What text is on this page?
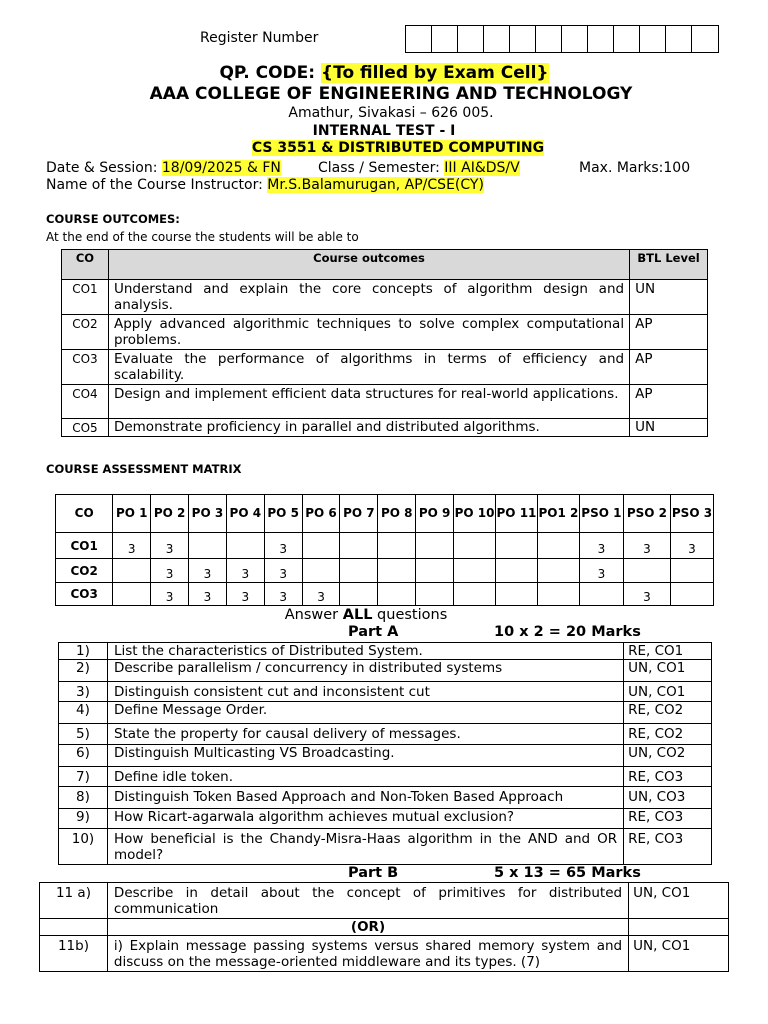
Register Number
QP. CODE: {To filled by Exam Cell}
AAA COLLEGE OF ENGINEERING AND TECHNOLOGY
Amathur, Sivakasi – 626 005.
INTERNAL TEST - I
CS 3551 & DISTRIBUTED COMPUTING
Date & Session: 18/09/2025 & FN	Class / Semester: III AI&DS/V	Max. Marks:100
Name of the Course Instructor: Mr.S.Balamurugan, AP/CSE(CY)
COURSE OUTCOMES:
At the end of the course the students will be able to
CO	Course outcomes	BTL Level
CO1	Understand and explain the core concepts of algorithm design and analysis.	UN
CO2	Apply advanced algorithmic techniques to solve complex computational problems.	AP
CO3	Evaluate the performance of algorithms in terms of efficiency and scalability.	AP
CO4	Design and implement efficient data structures for real-world applications.	AP
CO5	Demonstrate proficiency in parallel and distributed algorithms.	UN
COURSE ASSESSMENT MATRIX
CO	PO 1	PO 2	PO 3	PO 4	PO 5	PO 6	PO 7	PO 8	PO 9	PO 10	PO 11	PO1 2	PSO 1	PSO 2	PSO 3
CO1	3	3			3								3	3	3
CO2		3	3	3	3								3		
CO3		3	3	3	3	3								3	
Answer ALL questions
Part A	10 x 2 = 20 Marks
1)	List the characteristics of Distributed System.	RE, CO1
2)	Describe parallelism / concurrency in distributed systems	UN, CO1
3)	Distinguish consistent cut and inconsistent cut	UN, CO1
4)	Define Message Order.	RE, CO2
5)	State the property for causal delivery of messages.	RE, CO2
6)	Distinguish Multicasting VS Broadcasting.	UN, CO2
7)	Define idle token.	RE, CO3
8)	Distinguish Token Based Approach and Non-Token Based Approach	UN, CO3
9)	How Ricart-agarwala algorithm achieves mutual exclusion?	RE, CO3
10)	How beneficial is the Chandy-Misra-Haas algorithm in the AND and OR model?	RE, CO3
Part B	5 x 13 = 65 Marks
11 a)	Describe in detail about the concept of primitives for distributed communication	UN, CO1
	(OR)	
11b)	i) Explain message passing systems versus shared memory system and discuss on the message-oriented middleware and its types. (7)	UN, CO1
